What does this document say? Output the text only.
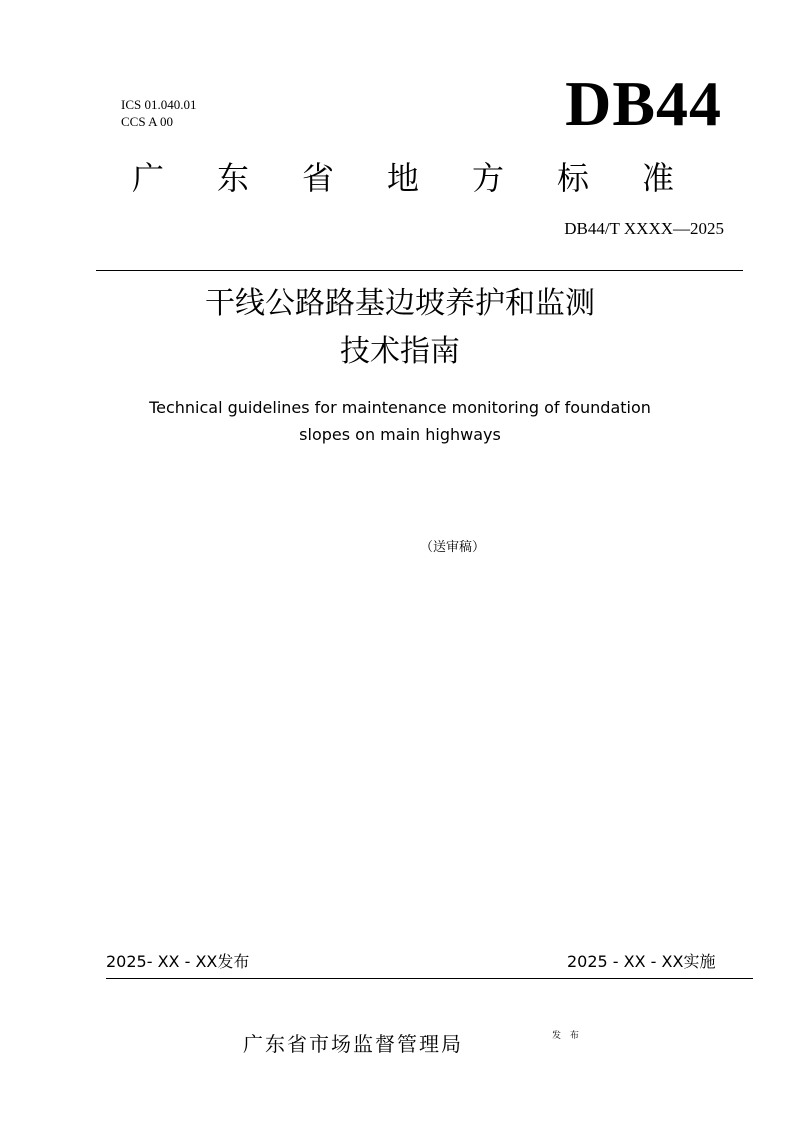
ICS 01.040.01
CCS A 00	DB44
广 东 省 地 方 标 准
DB44/T XXXX—2025
干线公路路基边坡养护和监测
技术指南
Technical guidelines for maintenance monitoring of foundation
slopes on main highways
（送审稿）
2025- XX - XX发布	2025 - XX - XX实施
广东省市场监督管理局	发 布
